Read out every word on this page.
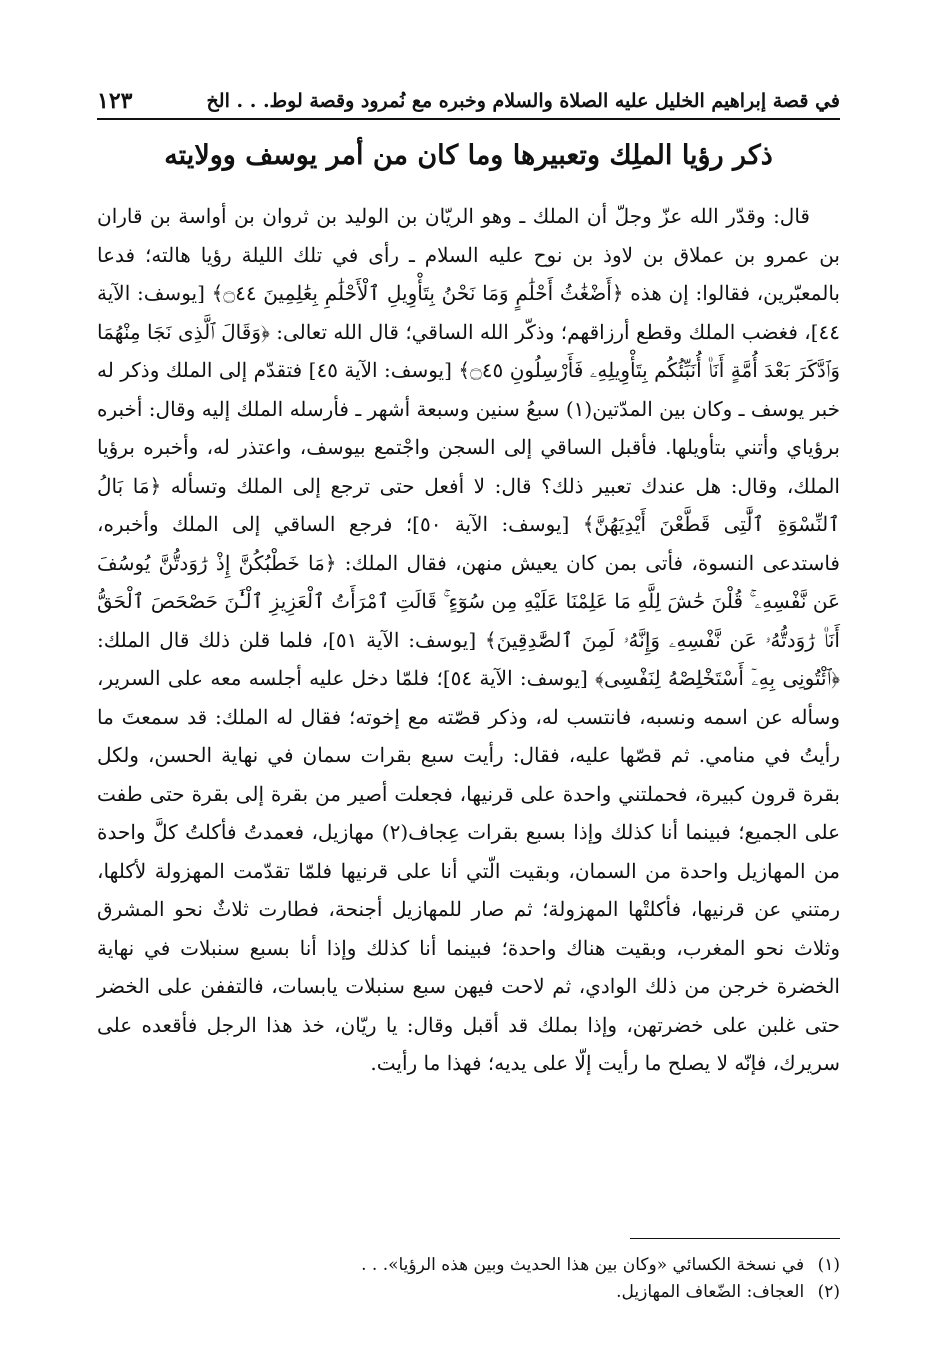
في قصة إبراهيم الخليل عليه الصلاة والسلام وخبره مع نُمرود وقصة لوط. . . الخ
١٢٣
ذكر رؤيا الملِك وتعبيرها وما كان من أمر يوسف وولايته

قال: وقدّر الله عزّ وجلّ أن الملك ـ وهو الريّان بن الوليد بن ثروان بن أواسة بن قاران بن عمرو بن عملاق بن لاوذ بن نوح عليه السلام ـ رأى في تلك الليلة رؤيا هالته؛ فدعا بالمعبّرين، فقالوا: إن هذه ﴿أَضْغَٰثُ أَحْلَٰمٍ وَمَا نَحْنُ بِتَأْوِيلِ ٱلْأَحْلَٰمِ بِعَٰلِمِينَ ۝٤٤﴾ [يوسف: الآية ٤٤]، فغضب الملك وقطع أرزاقهم؛ وذكّر الله الساقي؛ قال الله تعالى: ﴿وَقَالَ ٱلَّذِى نَجَا مِنْهُمَا وَٱدَّكَرَ بَعْدَ أُمَّةٍ أَنَا۠ أُنَبِّئُكُم بِتَأْوِيلِهِۦ فَأَرْسِلُونِ ۝٤٥﴾ [يوسف: الآية ٤٥] فتقدّم إلى الملك وذكر له خبر يوسف ـ وكان بين المدّتين(١) سبعُ سنين وسبعة أشهر ـ فأرسله الملك إليه وقال: أخبره برؤياي وأتني بتأويلها. فأقبل الساقي إلى السجن واجْتمع بيوسف، واعتذر له، وأخبره برؤيا الملك، وقال: هل عندك تعبير ذلك؟ قال: لا أفعل حتى ترجع إلى الملك وتسأله ﴿مَا بَالُ ٱلنِّسْوَةِ ٱلَّٰتِى قَطَّعْنَ أَيْدِيَهُنَّ﴾ [يوسف: الآية ٥٠]؛ فرجع الساقي إلى الملك وأخبره، فاستدعى النسوة، فأتى بمن كان يعيش منهن، فقال الملك: ﴿مَا خَطْبُكُنَّ إِذْ رَٰوَدتُّنَّ يُوسُفَ عَن نَّفْسِهِۦ ۚ قُلْنَ حَٰشَ لِلَّهِ مَا عَلِمْنَا عَلَيْهِ مِن سُوٓءٍ ۚ قَالَتِ ٱمْرَأَتُ ٱلْعَزِيزِ ٱلْـَٰٔنَ حَصْحَصَ ٱلْحَقُّ أَنَا۠ رَٰوَدتُّهُۥ عَن نَّفْسِهِۦ وَإِنَّهُۥ لَمِنَ ٱلصَّٰدِقِينَ﴾ [يوسف: الآية ٥١]، فلما قلن ذلك قال الملك: ﴿ٱئْتُونِى بِهِۦٓ أَسْتَخْلِصْهُ لِنَفْسِى﴾ [يوسف: الآية ٥٤]؛ فلمّا دخل عليه أجلسه معه على السرير، وسأله عن اسمه ونسبه، فانتسب له، وذكر قصّته مع إخوته؛ فقال له الملك: قد سمعتَ ما رأيتُ في منامي. ثم قصّها عليه، فقال: رأيت سبع بقرات سمان في نهاية الحسن، ولكل بقرة قرون كبيرة، فحملتني واحدة على قرنيها، فجعلت أصير من بقرة إلى بقرة حتى طفت على الجميع؛ فبينما أنا كذلك وإذا بسبع بقرات عِجاف(٢) مهازيل، فعمدتُ فأكلتُ كلَّ واحدة من المهازيل واحدة من السمان، وبقيت الّتي أنا على قرنيها فلمّا تقدّمت المهزولة لأكلها، رمتني عن قرنيها، فأكلتْها المهزولة؛ ثم صار للمهازيل أجنحة، فطارت ثلاثٌ نحو المشرق وثلاث نحو المغرب، وبقيت هناك واحدة؛ فبينما أنا كذلك وإذا أنا بسبع سنبلات في نهاية الخضرة خرجن من ذلك الوادي، ثم لاحت فيهن سبع سنبلات يابسات، فالتففن على الخضر حتى غلبن على خضرتهن، وإذا بملك قد أقبل وقال: يا ريّان، خذ هذا الرجل فأقعده على سريرك، فإنّه لا يصلح ما رأيت إلّا على يديه؛ فهذا ما رأيت.

(١) في نسخة الكسائي «وكان بين هذا الحديث وبين هذه الرؤيا». . .

(٢) العجاف: الضّعاف المهازيل.
